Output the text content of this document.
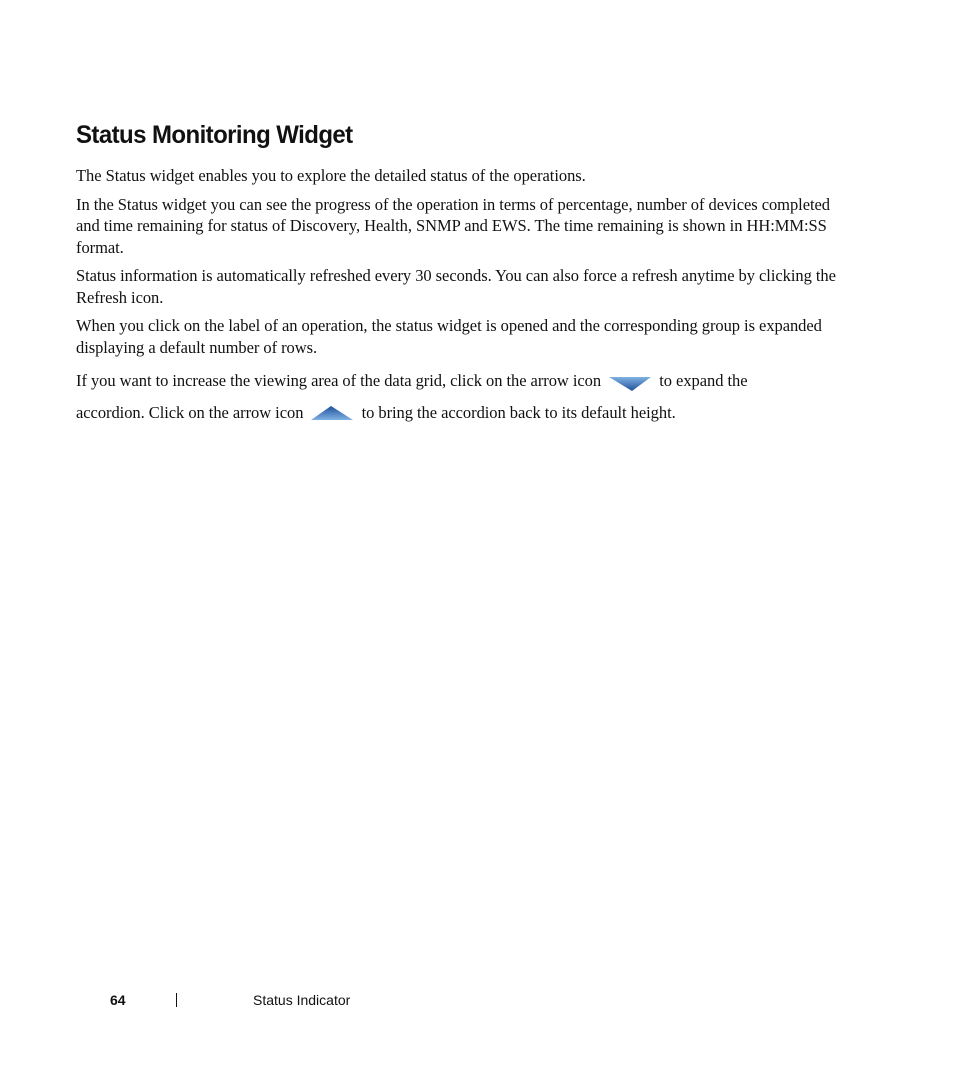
Status Monitoring Widget

The Status widget enables you to explore the detailed status of the operations.

In the Status widget you can see the progress of the operation in terms of percentage, number of devices completed and time remaining for status of Discovery, Health, SNMP and EWS. The time remaining is shown in HH:MM:SS format.

Status information is automatically refreshed every 30 seconds. You can also force a refresh anytime by clicking the Refresh icon.

When you click on the label of an operation, the status widget is opened and the corresponding group is expanded displaying a default number of rows.

If you want to increase the viewing area of the data grid, click on the arrow icon	to expand the
accordion. Click on the arrow icon	to bring the accordion back to its default height.

64	Status Indicator
